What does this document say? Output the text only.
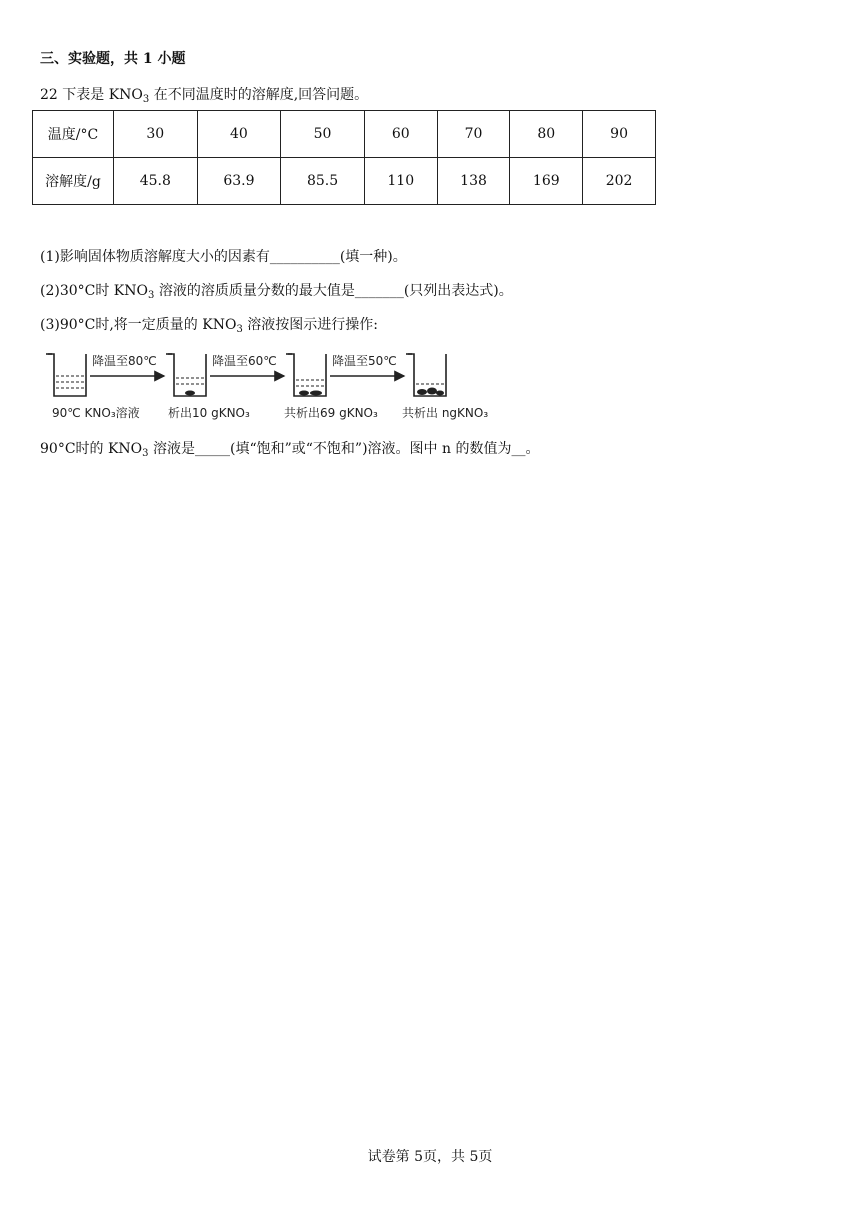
三、实验题，共 1 小题
22 下表是 $KNO_3$ 在不同温度时的溶解度,回答问题。
温度/°C	30	40	50	60	70	80	90
溶解度/g	45.8	63.9	85.5	110	138	169	202
(1)影响固体物质溶解度大小的因素有__________(填一种)。
(2)30°C时 $KNO_3$ 溶液的溶质质量分数的最大值是_______(只列出表达式)。
(3)90°C时,将一定质量的 $KNO_3$ 溶液按图示进行操作:
降温至80℃	降温至60℃	降温至50℃
90℃ KNO₃溶液 析出10 gKNO₃	共析出69 gKNO₃ 共析出 ngKNO₃
90°C时的 $KNO_3$ 溶液是_____(填“饱和”或“不饱和”)溶液。图中 n 的数值为__。
试卷第 5页，共 5页
